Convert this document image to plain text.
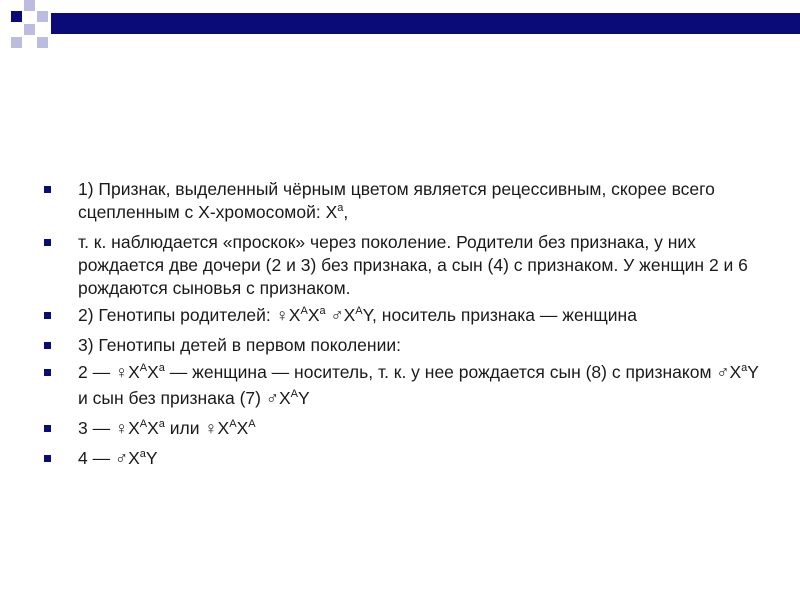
1) Признак, выделенный чёрным цветом является рецессивным, скорее всего сцепленным с Х-хромосомой: $Х^а$,
т. к. наблюдается «проскок» через поколение. Родители без признака, у них рождается две дочери (2 и 3) без признака, а сын (4) с признаком. У женщин 2 и 6 рождаются сыновья с признаком.
2) Генотипы родителей: $♀Х^АХ^а$ $♂Х^АY$, носитель признака — женщина
3) Генотипы детей в первом поколении:
2 — $♀Х^АХ^а$ — женщина — носитель, т. к. у нее рождается сын (8) с признаком $♂Х^аY$ и сын без признака (7) $♂Х^АY$
3 — $♀Х^АХ^а$ или $♀Х^АХ^А$
4 — $♂Х^аY$
